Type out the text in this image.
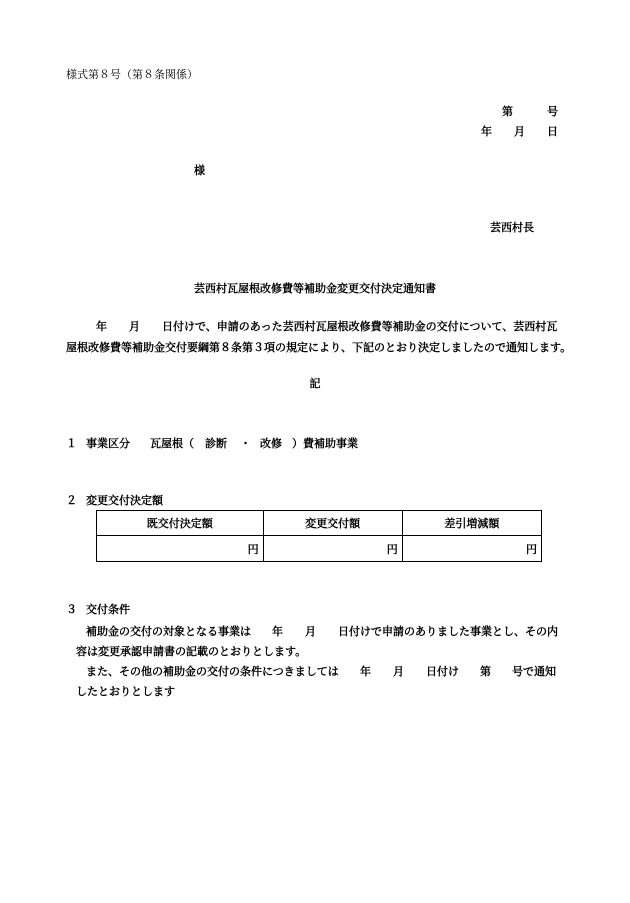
様式第８号（第８条関係）
第	号
年 月 日
様
芸西村長
芸西村瓦屋根改修費等補助金変更交付決定通知書
年 月 日付けで、申請のあった芸西村瓦屋根改修費等補助金の交付について、芸西村瓦
屋根改修費等補助金交付要綱第８条第３項の規定により、下記のとおり決定しましたので通知します。
記
１ 事業区分 瓦屋根（ 診断 ・ 改修 ）費補助事業
２ 変更交付決定額
既交付決定額	変更交付額	差引増減額
円	円	円
３ 交付条件
補助金の交付の対象となる事業は 年 月 日付けで申請のありました事業とし、その内
容は変更承認申請書の記載のとおりとします。
また、その他の補助金の交付の条件につきましては 年 月 日付け 第 号で通知
したとおりとします
